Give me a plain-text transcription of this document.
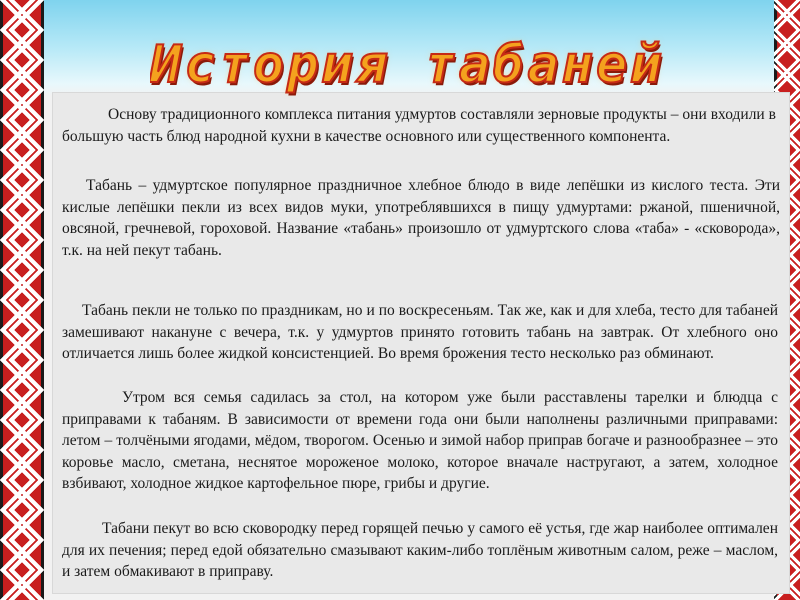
История табаней

Основу традиционного комплекса питания удмуртов составляли зерновые продукты – они входили в большую часть блюд народной кухни в качестве основного или существенного компонента.

Табань – удмуртское популярное праздничное хлебное блюдо в виде лепёшки из кислого теста. Эти кислые лепёшки пекли из всех видов муки, употреблявшихся в пищу удмуртами: ржаной, пшеничной, овсяной, гречневой, гороховой. Название «табань» произошло от удмуртского слова «таба» - «сковорода», т.к. на ней пекут табань.

Табань пекли не только по праздникам, но и по воскресеньям. Так же, как и для хлеба, тесто для табаней замешивают накануне с вечера, т.к. у удмуртов принято готовить табань на завтрак. От хлебного оно отличается лишь более жидкой консистенцией. Во время брожения тесто несколько раз обминают.

Утром вся семья садилась за стол, на котором уже были расставлены тарелки и блюдца с приправами к табаням. В зависимости от времени года они были наполнены различными приправами: летом – толчёными ягодами, мёдом, творогом. Осенью и зимой набор приправ богаче и разнообразнее – это коровье масло, сметана, неснятое мороженое молоко, которое вначале настругают, а затем, холодное взбивают, холодное жидкое картофельное пюре, грибы и другие.

Табани пекут во всю сковородку перед горящей печью у самого её устья, где жар наиболее оптимален для их печения; перед едой обязательно смазывают каким-либо топлёным животным салом, реже – маслом, и затем обмакивают в приправу.
